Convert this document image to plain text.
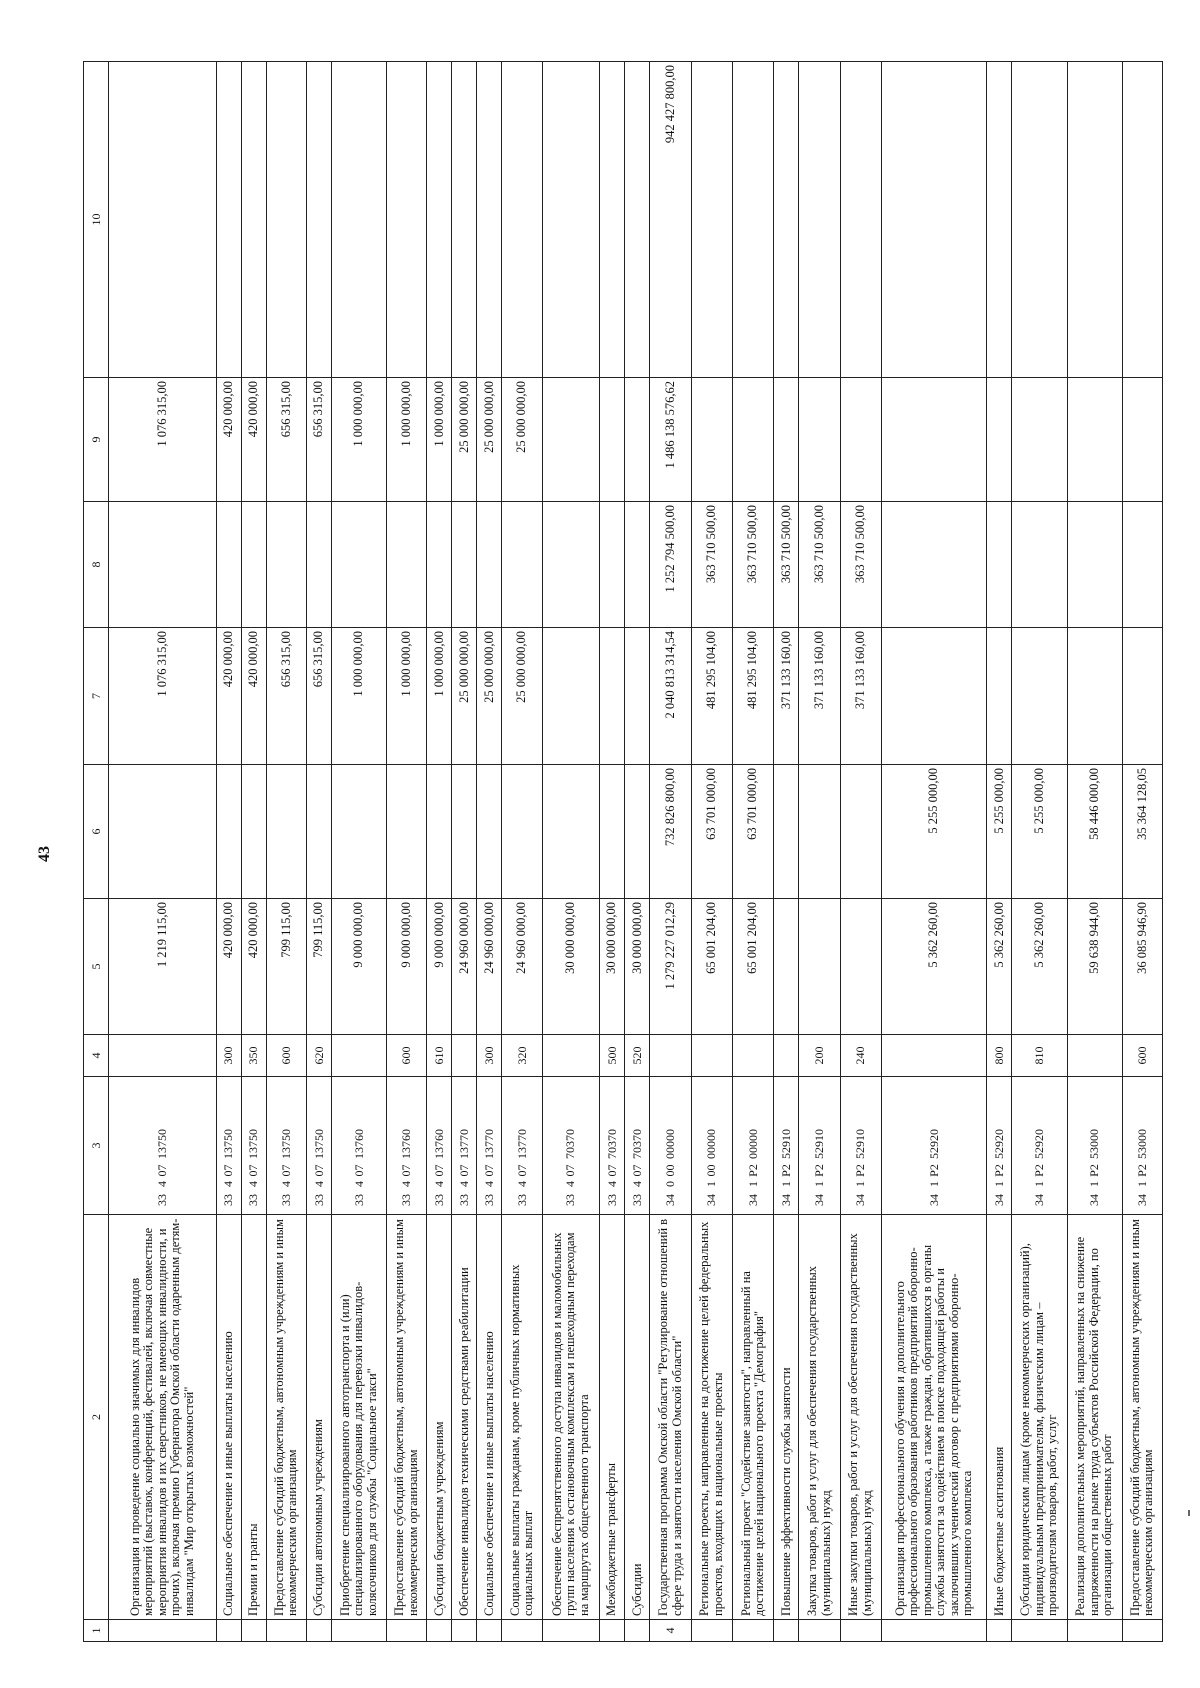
43
1	2	3	4	5	6	7	8	9	10
	Организация и проведение социально значимых для инвалидов мероприятий (выставок, конференций, фестивалей, включая совместные мероприятия инвалидов и их сверстников, не имеющих инвалидности, и прочих), включая премию Губернатора Омской области одаренным детям-инвалидам "Мир открытых возможностей"	3340713750		1 219 115,00		1 076 315,00		1 076 315,00	
	Социальное обеспечение и иные выплаты населению	3340713750	300	420 000,00		420 000,00		420 000,00	
	Премии и гранты	3340713750	350	420 000,00		420 000,00		420 000,00	
	Предоставление субсидий бюджетным, автономным учреждениям и иным некоммерческим организациям	3340713750	600	799 115,00		656 315,00		656 315,00	
	Субсидии автономным учреждениям	3340713750	620	799 115,00		656 315,00		656 315,00	
	Приобретение специализированного автотранспорта и (или) специализированного оборудования для перевозки инвалидов-колясочников для службы "Социальное такси"	3340713760		9 000 000,00		1 000 000,00		1 000 000,00	
	Предоставление субсидий бюджетным, автономным учреждениям и иным некоммерческим организациям	3340713760	600	9 000 000,00		1 000 000,00		1 000 000,00	
	Субсидии бюджетным учреждениям	3340713760	610	9 000 000,00		1 000 000,00		1 000 000,00	
	Обеспечение инвалидов техническими средствами реабилитации	3340713770		24 960 000,00		25 000 000,00		25 000 000,00	
	Социальное обеспечение и иные выплаты населению	3340713770	300	24 960 000,00		25 000 000,00		25 000 000,00	
	Социальные выплаты гражданам, кроме публичных нормативных социальных выплат	3340713770	320	24 960 000,00		25 000 000,00		25 000 000,00	
	Обеспечение беспрепятственного доступа инвалидов и маломобильных групп населения к остановочным комплексам и пешеходным переходам на маршрутах общественного транспорта	3340770370		30 000 000,00					
	Межбюджетные трансферты	3340770370	500	30 000 000,00					
	Субсидии	3340770370	520	30 000 000,00					
4	Государственная программа Омской области "Регулирование отношений в сфере труда и занятости населения Омской области"	3400000000		1 279 227 012,29	732 826 800,00	2 040 813 314,54	1 252 794 500,00	1 486 138 576,62	942 427 800,00
	Региональные проекты, направленные на достижение целей федеральных проектов, входящих в национальные проекты	3410000000		65 001 204,00	63 701 000,00	481 295 104,00	363 710 500,00		
	Региональный проект "Содействие занятости", направленный на достижение целей национального проекта "Демография"	341P200000		65 001 204,00	63 701 000,00	481 295 104,00	363 710 500,00		
	Повышение эффективности службы занятости	341P252910				371 133 160,00	363 710 500,00		
	Закупка товаров, работ и услуг для обеспечения государственных (муниципальных) нужд	341P252910	200			371 133 160,00	363 710 500,00		
	Иные закупки товаров, работ и услуг для обеспечения государственных (муниципальных) нужд	341P252910	240			371 133 160,00	363 710 500,00		
	Организация профессионального обучения и дополнительного профессионального образования работников предприятий оборонно-промышленного комплекса, а также граждан, обратившихся в органы службы занятости за содействием в поиске подходящей работы и заключивших ученический договор с предприятиями оборонно-промышленного комплекса	341P252920		5 362 260,00	5 255 000,00				
	Иные бюджетные ассигнования	341P252920	800	5 362 260,00	5 255 000,00				
	Субсидии юридическим лицам (кроме некоммерческих организаций), индивидуальным предпринимателям, физическим лицам – производителям товаров, работ, услуг	341P252920	810	5 362 260,00	5 255 000,00				
	Реализация дополнительных мероприятий, направленных на снижение напряженности на рынке труда субъектов Российской Федерации, по организации общественных работ	341P253000		59 638 944,00	58 446 000,00				
	Предоставление субсидий бюджетным, автономным учреждениям и иным некоммерческим организациям	341P253000	600	36 085 946,90	35 364 128,05				
